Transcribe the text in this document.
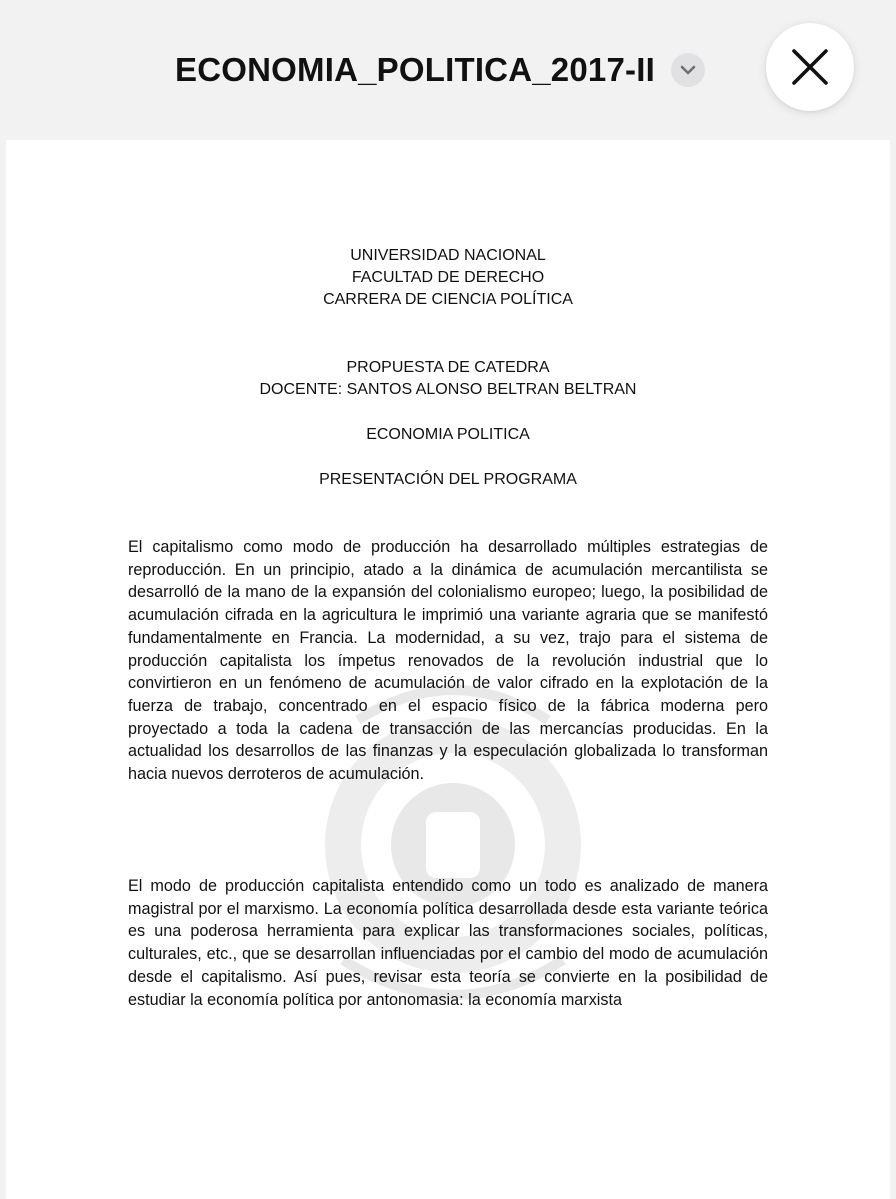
ECONOMIA_POLITICA_2017-II
UNIVERSIDAD NACIONAL
FACULTAD DE DERECHO
CARRERA DE CIENCIA POLÍTICA
PROPUESTA DE CATEDRA
DOCENTE: SANTOS ALONSO BELTRAN BELTRAN
ECONOMIA POLITICA
PRESENTACIÓN DEL PROGRAMA

El capitalismo como modo de producción ha desarrollado múltiples estrategias de reproducción. En un principio, atado a la dinámica de acumulación mercantilista se desarrolló de la mano de la expansión del colonialismo europeo; luego, la posibilidad de acumulación cifrada en la agricultura le imprimió una variante agraria que se manifestó fundamentalmente en Francia. La modernidad, a su vez, trajo para el sistema de producción capitalista los ímpetus renovados de la revolución industrial que lo convirtieron en un fenómeno de acumulación de valor cifrado en la explotación de la fuerza de trabajo, concentrado en el espacio físico de la fábrica moderna pero proyectado a toda la cadena de transacción de las mercancías producidas. En la actualidad los desarrollos de las finanzas y la especulación globalizada lo transforman hacia nuevos derroteros de acumulación.

El modo de producción capitalista entendido como un todo es analizado de manera magistral por el marxismo. La economía política desarrollada desde esta variante teórica es una poderosa herramienta para explicar las transformaciones sociales, políticas, culturales, etc., que se desarrollan influenciadas por el cambio del modo de acumulación desde el capitalismo. Así pues, revisar esta teoría se convierte en la posibilidad de estudiar la economía política por antonomasia: la economía marxista
